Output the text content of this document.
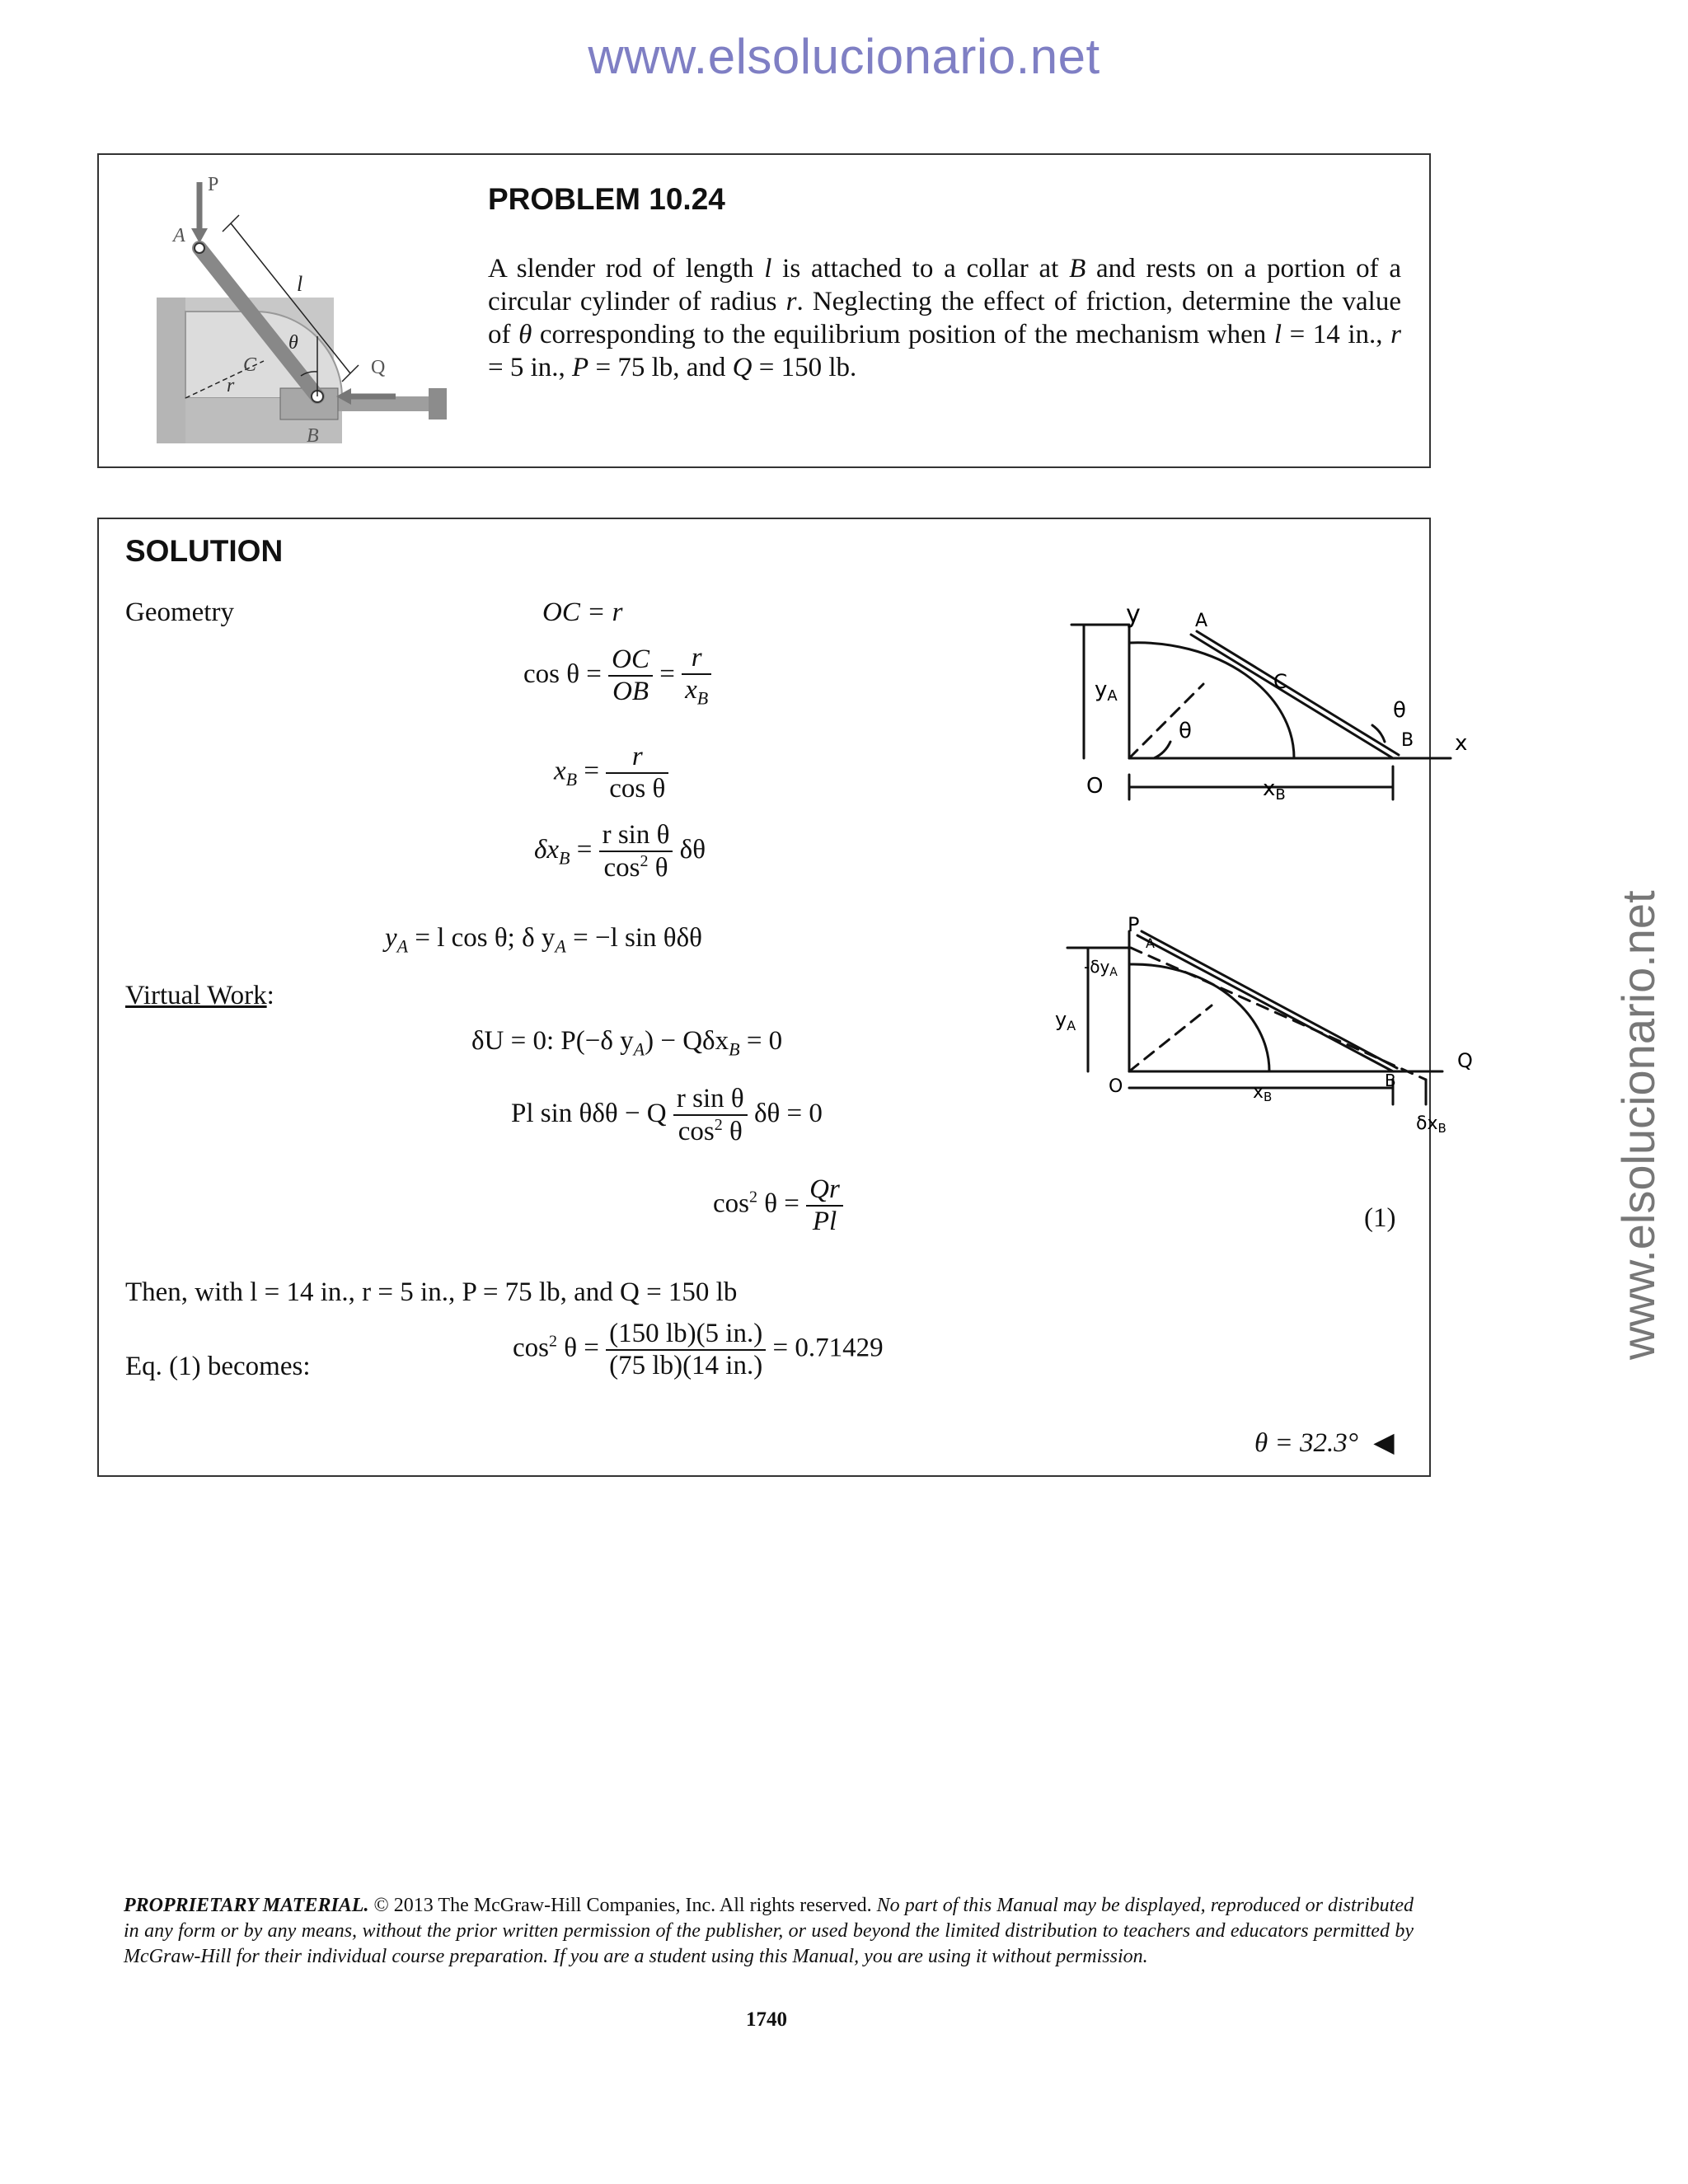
www.elsolucionario.net
www.elsolucionario.net
P
A
l
θ
C	Q
r
B
PROBLEM 10.24
A slender rod of length l is attached to a collar at B and rests on a portion of a circular cylinder of radius r. Neglecting the effect of friction, determine the value of θ corresponding to the equilibrium position of the mechanism when l = 14 in., r = 5 in., P = 75 lb, and Q = 150 lb.
SOLUTION
Geometry	OC = r
$\cos \theta = \frac{OC}{OB} = \frac{r}{x_B}$
$x_B = \frac{r}{\text{cos θ}}$
$\delta x_B = \frac{\text{r sin θ}}{\cos^2 \theta}$ δθ
$y_A = l$ cos θ; δ $y_A = -l$ sin θδθ
Virtual Work:
δU = 0: P(−δ $y_A) - Q\delta x_B = 0$
Pl sin θδθ − Q $\frac{\text{r sin θ}}{\cos^2 \theta}$ δθ = 0
$\cos^2 \theta = \frac{Qr}{Pl}$	(1)
Then, with l = 14 in., r = 5 in., P = 75 lb, and Q = 150 lb
Eq. (1) becomes:
$\cos^2 \theta = \frac{(150 lb)(5 in.)}{(75 lb)(14 in.)} = 0.71429$
θ = 32.3° ◀
y	A
yA
C
θ
θ
B x
O	xB
P
A
$-\delta y_A$
$y_A$
O	xB
B
Q
δxB
PROPRIETARY MATERIAL. © 2013 The McGraw-Hill Companies, Inc. All rights reserved. No part of this Manual may be displayed, reproduced or distributed in any form or by any means, without the prior written permission of the publisher, or used beyond the limited distribution to teachers and educators permitted by McGraw-Hill for their individual course preparation. If you are a student using this Manual, you are using it without permission.
1740
